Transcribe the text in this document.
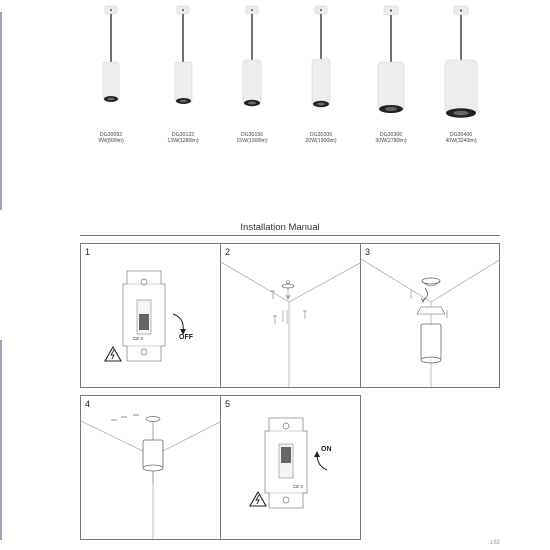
DG30092
9W(800lm)
DG30132
13W(1280lm)
DG30156
15W(1300lm)
DG30206
20W(1900lm)
DG30306
30W(2780lm)
DG30406
40W(3240lm)
Installation Manual
1
OFF
CE 0
2	3
4	5
ON
CE 0
162
